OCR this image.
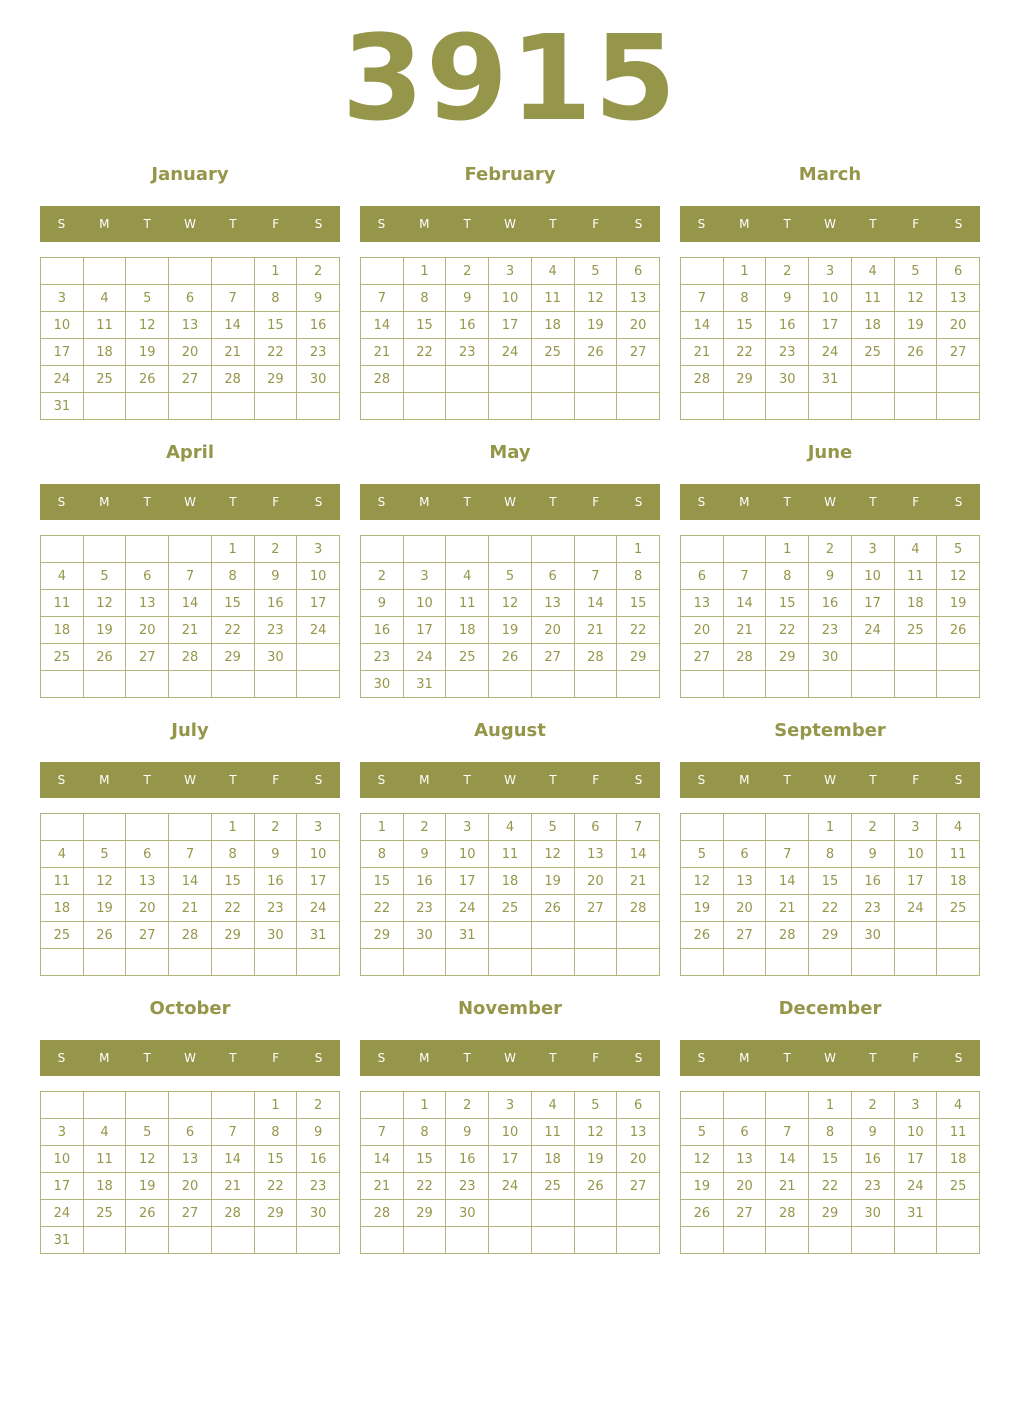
3915
January
S	M	T	W	T	F	S
					1	2
3	4	5	6	7	8	9
10	11	12	13	14	15	16
17	18	19	20	21	22	23
24	25	26	27	28	29	30
31						
February
S	M	T	W	T	F	S
	1	2	3	4	5	6
7	8	9	10	11	12	13
14	15	16	17	18	19	20
21	22	23	24	25	26	27
28						

March
S	M	T	W	T	F	S
	1	2	3	4	5	6
7	8	9	10	11	12	13
14	15	16	17	18	19	20
21	22	23	24	25	26	27
28	29	30	31			

April
S	M	T	W	T	F	S
				1	2	3
4	5	6	7	8	9	10
11	12	13	14	15	16	17
18	19	20	21	22	23	24
25	26	27	28	29	30	

May
S	M	T	W	T	F	S
						1
2	3	4	5	6	7	8
9	10	11	12	13	14	15
16	17	18	19	20	21	22
23	24	25	26	27	28	29
30	31					
June
S	M	T	W	T	F	S
		1	2	3	4	5
6	7	8	9	10	11	12
13	14	15	16	17	18	19
20	21	22	23	24	25	26
27	28	29	30			

July
S	M	T	W	T	F	S
				1	2	3
4	5	6	7	8	9	10
11	12	13	14	15	16	17
18	19	20	21	22	23	24
25	26	27	28	29	30	31

August
S	M	T	W	T	F	S
1	2	3	4	5	6	7
8	9	10	11	12	13	14
15	16	17	18	19	20	21
22	23	24	25	26	27	28
29	30	31				

September
S	M	T	W	T	F	S
			1	2	3	4
5	6	7	8	9	10	11
12	13	14	15	16	17	18
19	20	21	22	23	24	25
26	27	28	29	30		

October
S	M	T	W	T	F	S
					1	2
3	4	5	6	7	8	9
10	11	12	13	14	15	16
17	18	19	20	21	22	23
24	25	26	27	28	29	30
31						
November
S	M	T	W	T	F	S
	1	2	3	4	5	6
7	8	9	10	11	12	13
14	15	16	17	18	19	20
21	22	23	24	25	26	27
28	29	30				

December
S	M	T	W	T	F	S
			1	2	3	4
5	6	7	8	9	10	11
12	13	14	15	16	17	18
19	20	21	22	23	24	25
26	27	28	29	30	31	
